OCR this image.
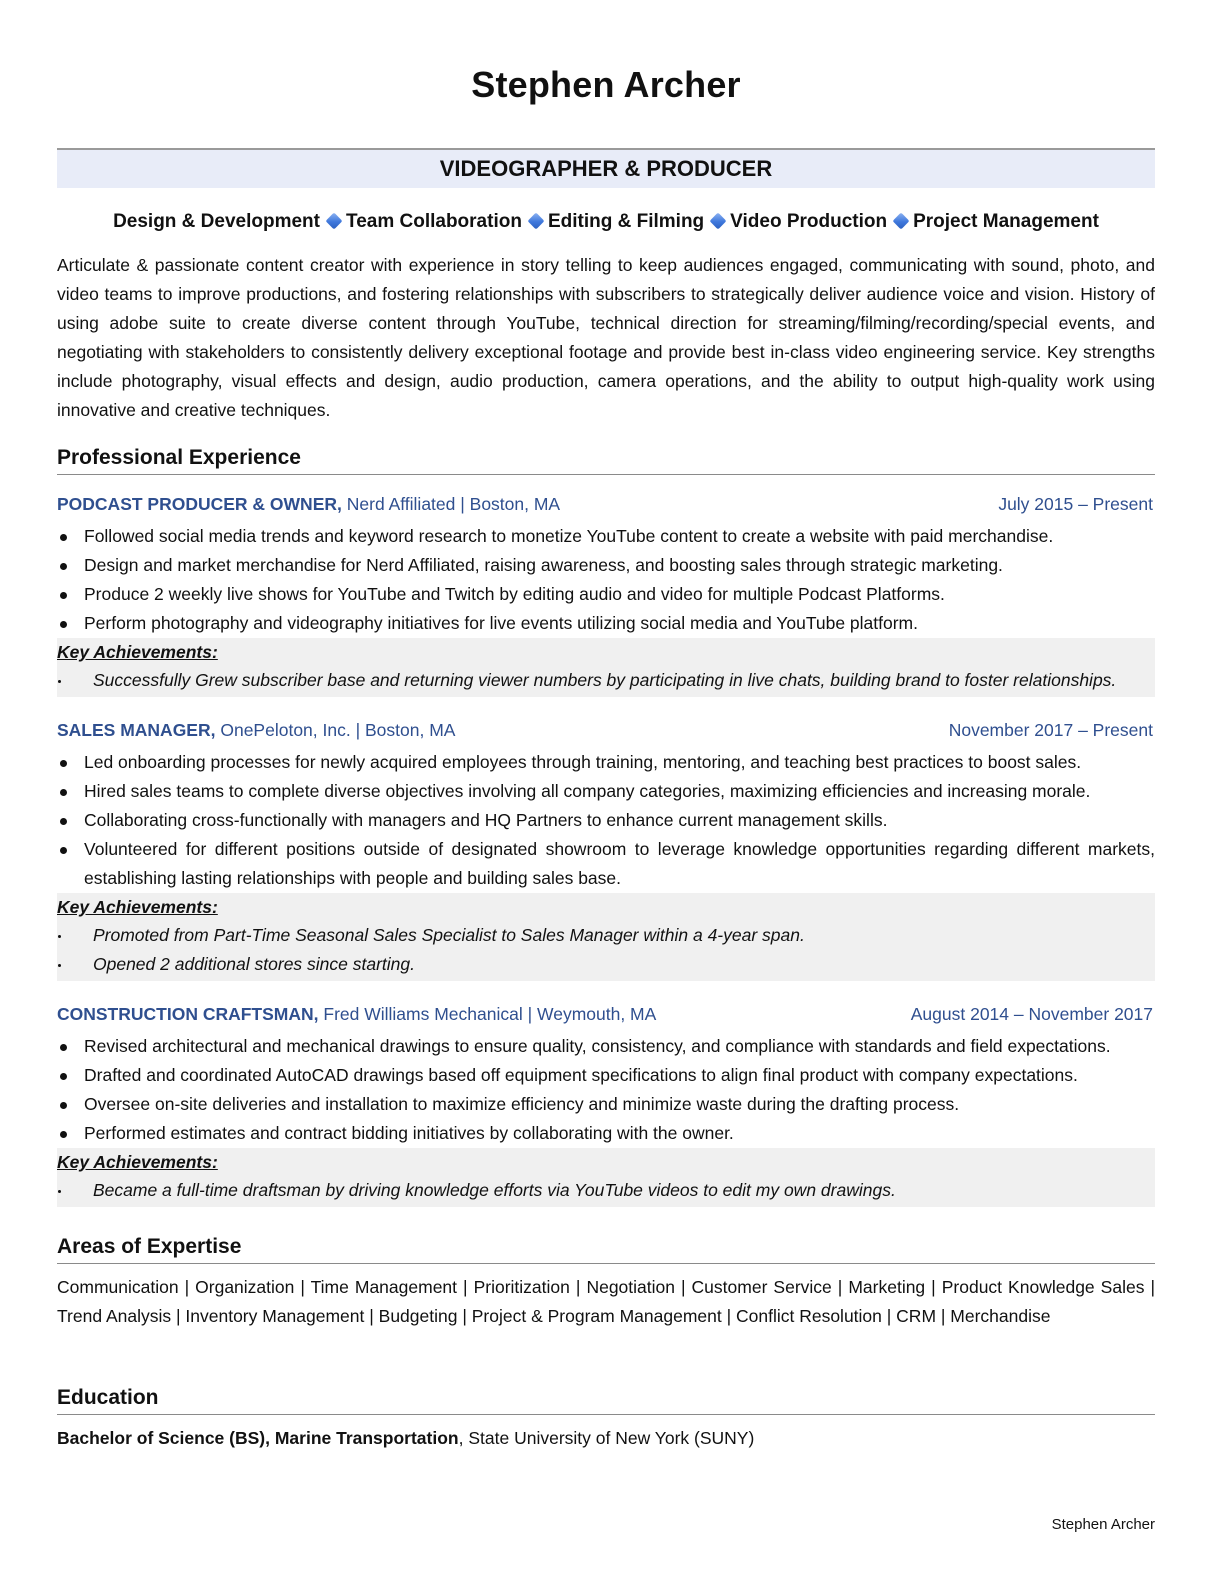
Stephen Archer
VIDEOGRAPHER & PRODUCER
Design & Development Team Collaboration Editing & Filming Video Production Project Management
Articulate & passionate content creator with experience in story telling to keep audiences engaged, communicating with sound, photo, and video teams to improve productions, and fostering relationships with subscribers to strategically deliver audience voice and vision. History of using adobe suite to create diverse content through YouTube, technical direction for streaming/filming/recording/special events, and negotiating with stakeholders to consistently delivery exceptional footage and provide best in-class video engineering service. Key strengths include photography, visual effects and design, audio production, camera operations, and the ability to output high-quality work using innovative and creative techniques.
Professional Experience
PODCAST PRODUCER & OWNER, Nerd Affiliated | Boston, MA	July 2015 – Present
Followed social media trends and keyword research to monetize YouTube content to create a website with paid merchandise.
Design and market merchandise for Nerd Affiliated, raising awareness, and boosting sales through strategic marketing.
Produce 2 weekly live shows for YouTube and Twitch by editing audio and video for multiple Podcast Platforms.
Perform photography and videography initiatives for live events utilizing social media and YouTube platform.
Key Achievements:
Successfully Grew subscriber base and returning viewer numbers by participating in live chats, building brand to foster relationships.
SALES MANAGER, OnePeloton, Inc. | Boston, MA	November 2017 – Present
Led onboarding processes for newly acquired employees through training, mentoring, and teaching best practices to boost sales.
Hired sales teams to complete diverse objectives involving all company categories, maximizing efficiencies and increasing morale.
Collaborating cross-functionally with managers and HQ Partners to enhance current management skills.
Volunteered for different positions outside of designated showroom to leverage knowledge opportunities regarding different markets, establishing lasting relationships with people and building sales base.
Key Achievements:
Promoted from Part-Time Seasonal Sales Specialist to Sales Manager within a 4-year span.
Opened 2 additional stores since starting.
CONSTRUCTION CRAFTSMAN, Fred Williams Mechanical | Weymouth, MA	August 2014 – November 2017
Revised architectural and mechanical drawings to ensure quality, consistency, and compliance with standards and field expectations.
Drafted and coordinated AutoCAD drawings based off equipment specifications to align final product with company expectations.
Oversee on-site deliveries and installation to maximize efficiency and minimize waste during the drafting process.
Performed estimates and contract bidding initiatives by collaborating with the owner.
Key Achievements:
Became a full-time draftsman by driving knowledge efforts via YouTube videos to edit my own drawings.
Areas of Expertise
Communication | Organization | Time Management | Prioritization | Negotiation | Customer Service | Marketing | Product Knowledge Sales | Trend Analysis | Inventory Management | Budgeting | Project & Program Management | Conflict Resolution | CRM | Merchandise
Education
Bachelor of Science (BS), Marine Transportation, State University of New York (SUNY)
Stephen Archer
